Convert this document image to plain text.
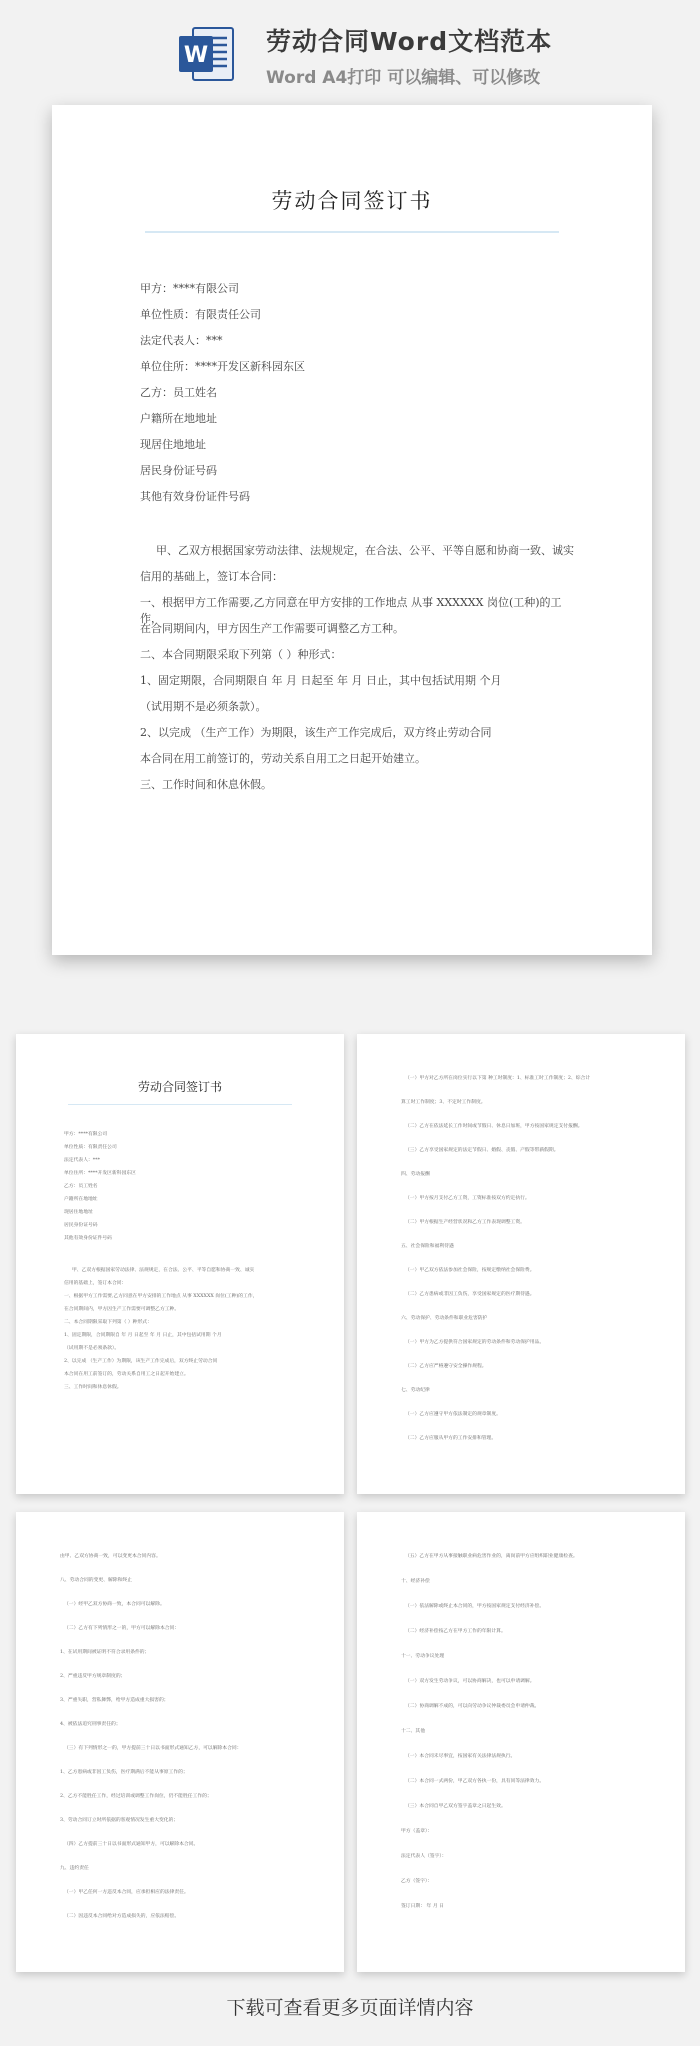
W 劳动合同Word文档范本
Word A4打印 可以编辑、可以修改
劳动合同签订书
甲方：****有限公司
单位性质：有限责任公司
法定代表人：***
单位住所：****开发区新科园东区
乙方：员工姓名
户籍所在地地址
现居住地地址
居民身份证号码
其他有效身份证件号码
甲、乙双方根据国家劳动法律、法规规定，在合法、公平、平等自愿和协商一致、诚实
信用的基础上，签订本合同：
一、根据甲方工作需要,乙方同意在甲方安排的工作地点 从事 XXXXXX 岗位(工种)的工作，
在合同期间内，甲方因生产工作需要可调整乙方工种。
二、本合同期限采取下列第（ ）种形式：
1、固定期限，合同期限自 年 月 日起至 年 月 日止，其中包括试用期 个月
（试用期不是必须条款）。
2、以完成 （生产工作）为期限，该生产工作完成后，双方终止劳动合同
本合同在用工前签订的，劳动关系自用工之日起开始建立。
三、工作时间和休息休假。
劳动合同签订书
甲方：****有限公司
单位性质：有限责任公司
法定代表人：***
单位住所：****开发区新科园东区
乙方：员工姓名
户籍所在地地址
现居住地地址
居民身份证号码
其他有效身份证件号码
甲、乙双方根据国家劳动法律、法规规定，在合法、公平、平等自愿和协商一致、诚实
信用的基础上，签订本合同：
一、根据甲方工作需要,乙方同意在甲方安排的工作地点 从事 XXXXXX 岗位(工种)的工作，
在合同期间内，甲方因生产工作需要可调整乙方工种。
二、本合同期限采取下列第（ ）种形式：
1、固定期限，合同期限自 年 月 日起至 年 月 日止，其中包括试用期 个月
（试用期不是必须条款）。
2、以完成 （生产工作）为期限，该生产工作完成后，双方终止劳动合同
本合同在用工前签订的，劳动关系自用工之日起开始建立。
三、工作时间和休息休假。
（一）甲方对乙方所在岗位实行以下第 种工时制度：1、标准工时工作制度；2、综合计
算工时工作制度；3、不定时工作制度。
（二）乙方在依法延长工作时间或节假日、休息日加班，甲方按国家规定支付报酬。
（三）乙方享受国家规定的法定节假日、婚假、丧假、产假等带薪假期。
四、劳动报酬
（一）甲方按月支付乙方工资，工资标准按双方约定执行。
（二）甲方根据生产经营状况和乙方工作表现调整工资。
五、社会保险和福利待遇
（一）甲乙双方依法参加社会保险，按规定缴纳社会保险费。
（二）乙方患病或非因工负伤，享受国家规定的医疗期待遇。
六、劳动保护、劳动条件和职业危害防护
（一）甲方为乙方提供符合国家规定的劳动条件和劳动保护用品。
（二）乙方应严格遵守安全操作规程。
七、劳动纪律
（一）乙方应遵守甲方依法制定的规章制度。
（二）乙方应服从甲方的工作安排和管理。
由甲、乙双方协商一致，可以变更本合同内容。
八、劳动合同的变更、解除和终止
（一）经甲乙双方协商一致，本合同可以解除。
（二）乙方有下列情形之一的，甲方可以解除本合同：
1、在试用期间被证明不符合录用条件的；
2、严重违反甲方规章制度的；
3、严重失职，营私舞弊，给甲方造成重大损害的；
4、被依法追究刑事责任的；
（三）有下列情形之一的，甲方提前三十日以书面形式通知乙方，可以解除本合同：
1、乙方患病或非因工负伤，医疗期满后不能从事原工作的；
2、乙方不能胜任工作，经过培训或调整工作岗位，仍不能胜任工作的；
3、劳动合同订立时所依据的客观情况发生重大变化的；
（四）乙方提前三十日以书面形式通知甲方，可以解除本合同。
九、违约责任
（一）甲乙任何一方违反本合同，应承担相应的法律责任。
（二）因违反本合同给对方造成损失的，应依法赔偿。
（五）乙方在甲方从事接触职业病危害作业的，离岗前甲方应组织职业健康检查。
十、经济补偿
（一）依法解除或终止本合同的，甲方按国家规定支付经济补偿。
（二）经济补偿按乙方在甲方工作的年限计算。
十一、劳动争议处理
（一）双方发生劳动争议，可以协商解决，也可以申请调解。
（二）协商调解不成的，可以向劳动争议仲裁委员会申请仲裁。
十二、其他
（一）本合同未尽事宜，按国家有关法律法规执行。
（二）本合同一式两份，甲乙双方各执一份，具有同等法律效力。
（三）本合同自甲乙双方签字盖章之日起生效。
甲方（盖章）：
法定代表人（签字）：
乙方（签字）：
签订日期： 年 月 日
下载可查看更多页面详情内容
